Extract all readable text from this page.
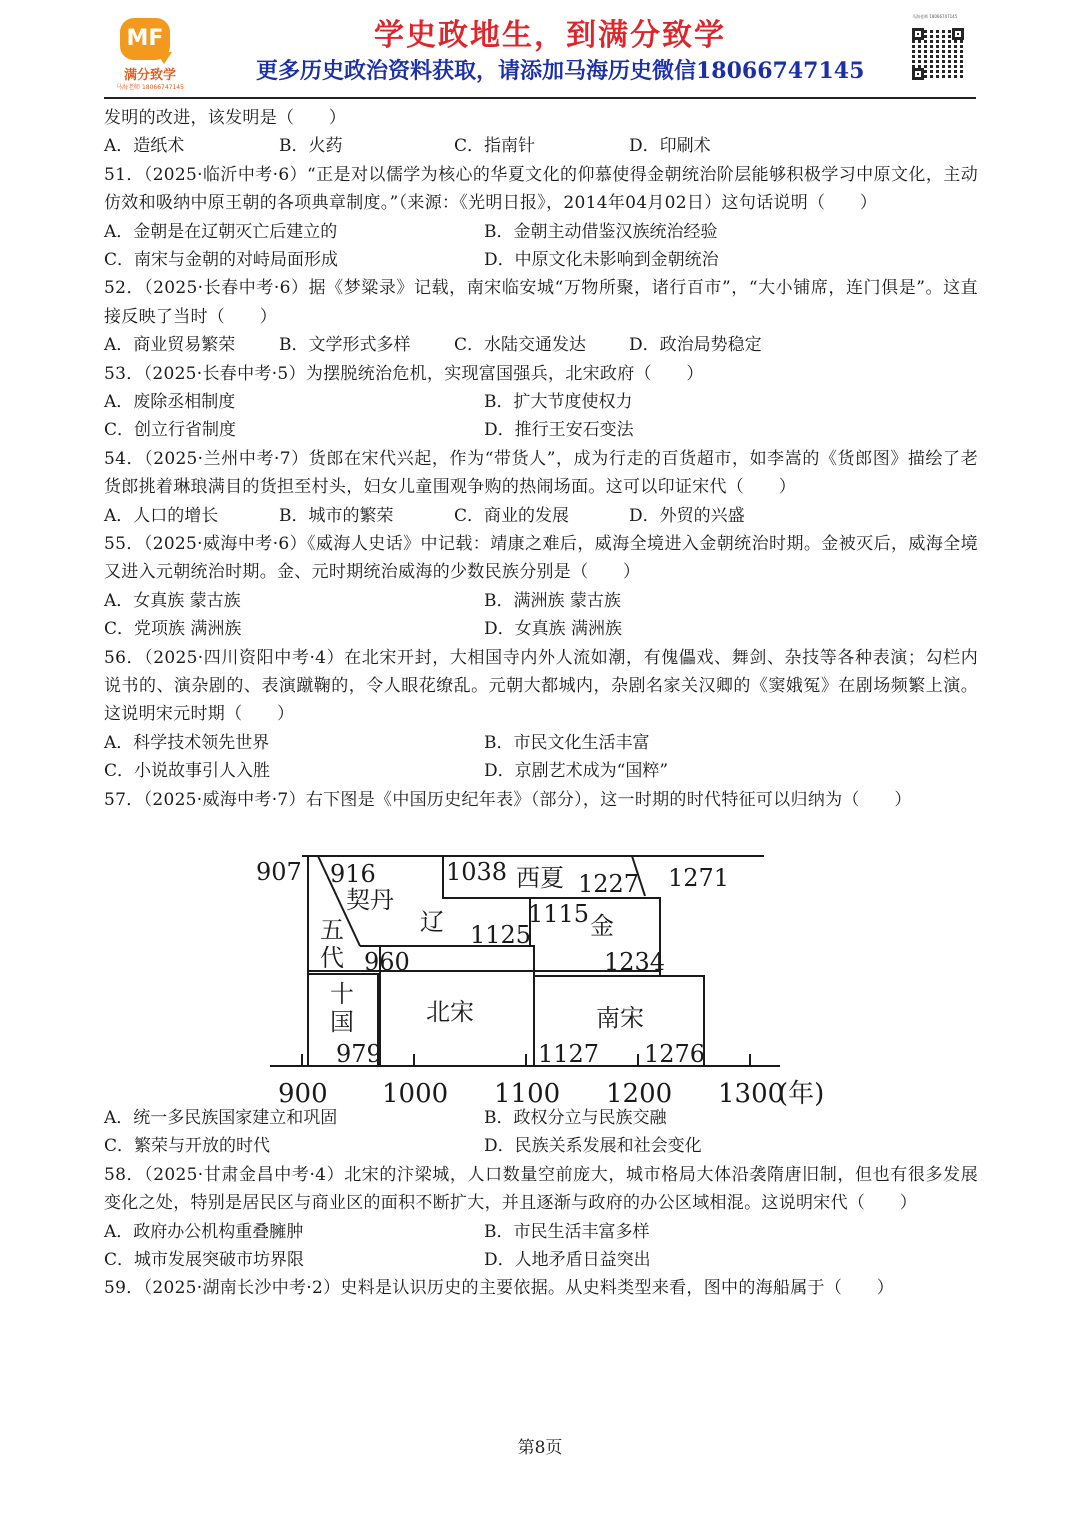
MF
满分致学
马海老师 18066747145
学史政地生，到满分致学
更多历史政治资料获取，请添加马海历史微信18066747145
马海老师 18066747145
发明的改进，该发明是（　　）
A．造纸术	B．火药	C．指南针	D．印刷术
51．（2025·临沂中考·6）“正是对以儒学为核心的华夏文化的仰慕使得金朝统治阶层能够积极学习中原文化，主动仿效和吸纳中原王朝的各项典章制度。”（来源：《光明日报》，2014年04月02日）这句话说明（　　）
A．金朝是在辽朝灭亡后建立的	B．金朝主动借鉴汉族统治经验
C．南宋与金朝的对峙局面形成	D．中原文化未影响到金朝统治
52．（2025·长春中考·6）据《梦粱录》记载，南宋临安城“万物所聚，诸行百市”，“大小铺席，连门俱是”。这直接反映了当时（　　）
A．商业贸易繁荣	B．文学形式多样	C．水陆交通发达	D．政治局势稳定
53．（2025·长春中考·5）为摆脱统治危机，实现富国强兵，北宋政府（　　）
A．废除丞相制度	B．扩大节度使权力
C．创立行省制度	D．推行王安石变法
54．（2025·兰州中考·7）货郎在宋代兴起，作为“带货人”，成为行走的百货超市，如李嵩的《货郎图》描绘了老货郎挑着琳琅满目的货担至村头，妇女儿童围观争购的热闹场面。这可以印证宋代（　　）
A．人口的增长	B．城市的繁荣	C．商业的发展	D．外贸的兴盛
55．（2025·威海中考·6）《威海人史话》中记载：靖康之难后，威海全境进入金朝统治时期。金被灭后，威海全境又进入元朝统治时期。金、元时期统治威海的少数民族分别是（　　）
A．女真族 蒙古族	B．满洲族 蒙古族
C．党项族 满洲族	D．女真族 满洲族
56．（2025·四川资阳中考·4）在北宋开封，大相国寺内外人流如潮，有傀儡戏、舞剑、杂技等各种表演；勾栏内说书的、演杂剧的、表演蹴鞠的，令人眼花缭乱。元朝大都城内，杂剧名家关汉卿的《窦娥冤》在剧场频繁上演。这说明宋元时期（　　）
A．科学技术领先世界	B．市民文化生活丰富
C．小说故事引人入胜	D．京剧艺术成为“国粹”
57．（2025·威海中考·7）右下图是《中国历史纪年表》（部分），这一时期的时代特征可以归纳为（　　）
A．统一多民族国家建立和巩固	B．政权分立与民族交融
C．繁荣与开放的时代	D．民族关系发展和社会变化
58．（2025·甘肃金昌中考·4）北宋的汴梁城，人口数量空前庞大，城市格局大体沿袭隋唐旧制，但也有很多发展变化之处，特别是居民区与商业区的面积不断扩大，并且逐渐与政府的办公区域相混。这说明宋代（　　）
A．政府办公机构重叠臃肿	B．市民生活丰富多样
C．城市发展突破市坊界限	D．人地矛盾日益突出
59．（2025·湖南长沙中考·2）史料是认识历史的主要依据。从史料类型来看，图中的海船属于（　　）
907 916	1038	1227 1271
1115
1125
960	1234
979	1127 1276
契丹
辽
西夏
金
五
代
十
国	北宋	南宋
900 1000 1100 1200 1300
(年)
第8页
